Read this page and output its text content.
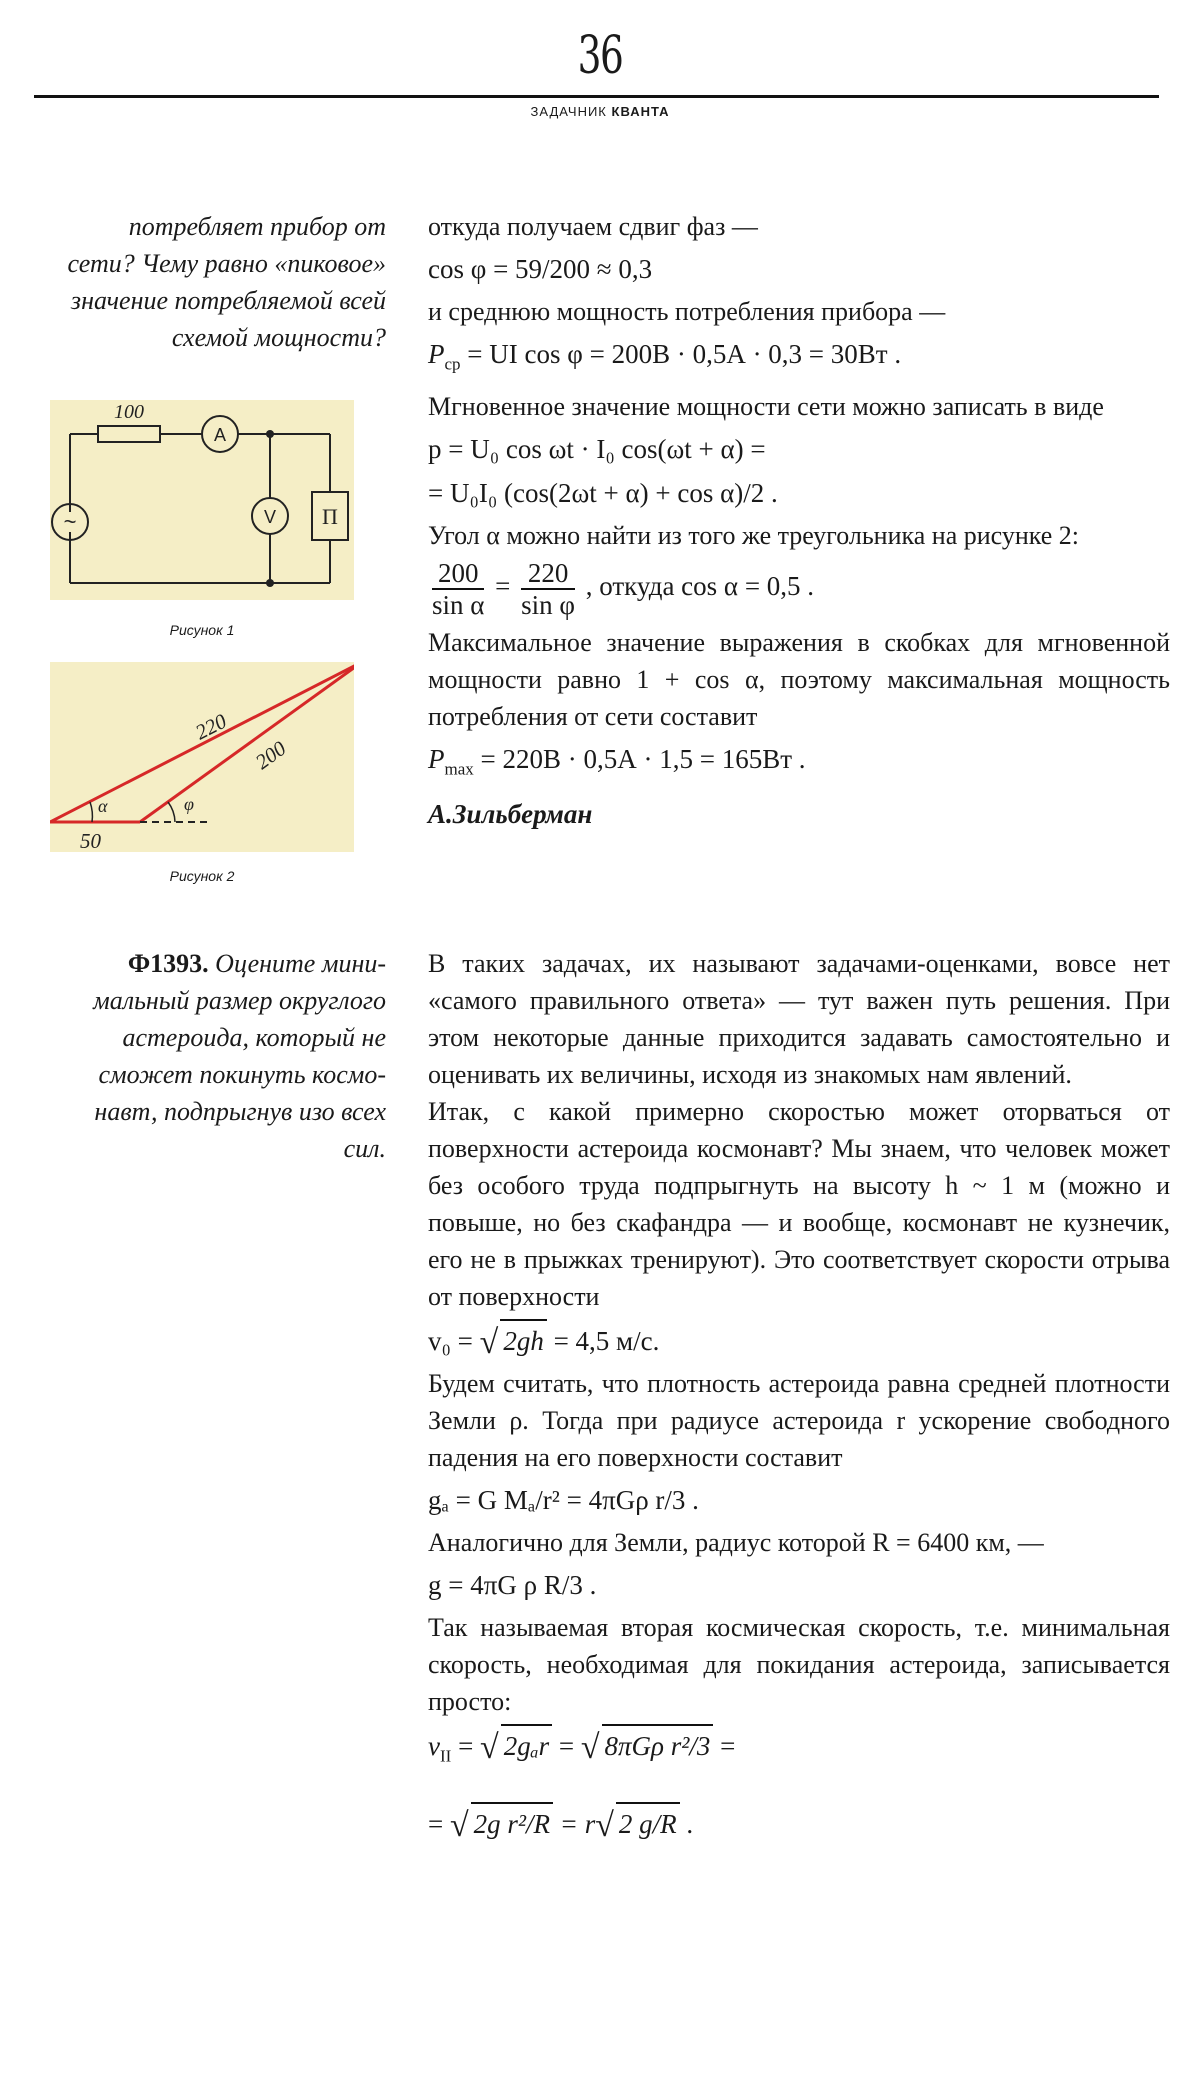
36
ЗАДАЧНИК КВАНТА
потребляет прибор от
сети? Чему равно «пиковое»
значение потребляемой всей
схемой мощности?
100
A
V
~	П
Рисунок 1
220
200
50
α	φ
Рисунок 2
Ф1393. Оцените мини-
мальный размер округлого
астероида, который не
сможет покинуть космо-
навт, подпрыгнув изо всех
сил.

откуда получаем сдвиг фаз —

cos φ = 59/200 ≈ 0,3

и среднюю мощность потребления прибора —

$P_{ср}$ = UI cos φ = 200В · 0,5А · 0,3 = 30Вт .

Мгновенное значение мощности сети можно записать в виде

p = U₀ cos ωt · I₀ cos(ωt + α) =
= U₀I₀ (cos(2ωt + α) + cos α)/2 .

Угол α можно найти из того же треугольника на рисунке 2:

$\frac{200}{\text{sin α}} = \frac{220}{\text{sin φ}}$ , откуда cos α = 0,5 .

Максимальное значение выражения в скобках для мгновенной мощности равно 1 + cos α, поэтому максимальная мощность потребления от сети составит

$P_{max} = 220В \cdot 0,5А \cdot 1,5 = 165Вт$ .
А.Зильберман

В таких задачах, их называют задачами-оценками, вовсе нет «самого правильного ответа» — тут важен путь решения. При этом некоторые данные приходится задавать самостоятельно и оценивать их величины, исходя из знакомых нам явлений.

Итак, с какой примерно скоростью может оторваться от поверхности астероида космонавт? Мы знаем, что человек может без особого труда подпрыгнуть на высоту h ~ 1 м (можно и повыше, но без скафандра — и вообще, космонавт не кузнечик, его не в прыжках тренируют). Это соответствует скорости отрыва от поверхности

v₀ = √ 2gh = 4,5 м/с.

Будем считать, что плотность астероида равна средней плотности Земли ρ. Тогда при радиусе астероида r ускорение свободного падения на его поверхности составит

gₐ = G Mₐ/r² = 4πGρ r/3 .

Аналогично для Земли, радиус которой R = 6400 км, —

g = 4πG ρ R/3 .

Так называемая вторая космическая скорость, т.е. минимальная скорость, необходимая для покидания астероида, записывается просто:

$v_{II}$ = √ 2gₐr = √ 8πGρ r²/3 =
= √ 2g r²/R = r√ 2 g/R .
